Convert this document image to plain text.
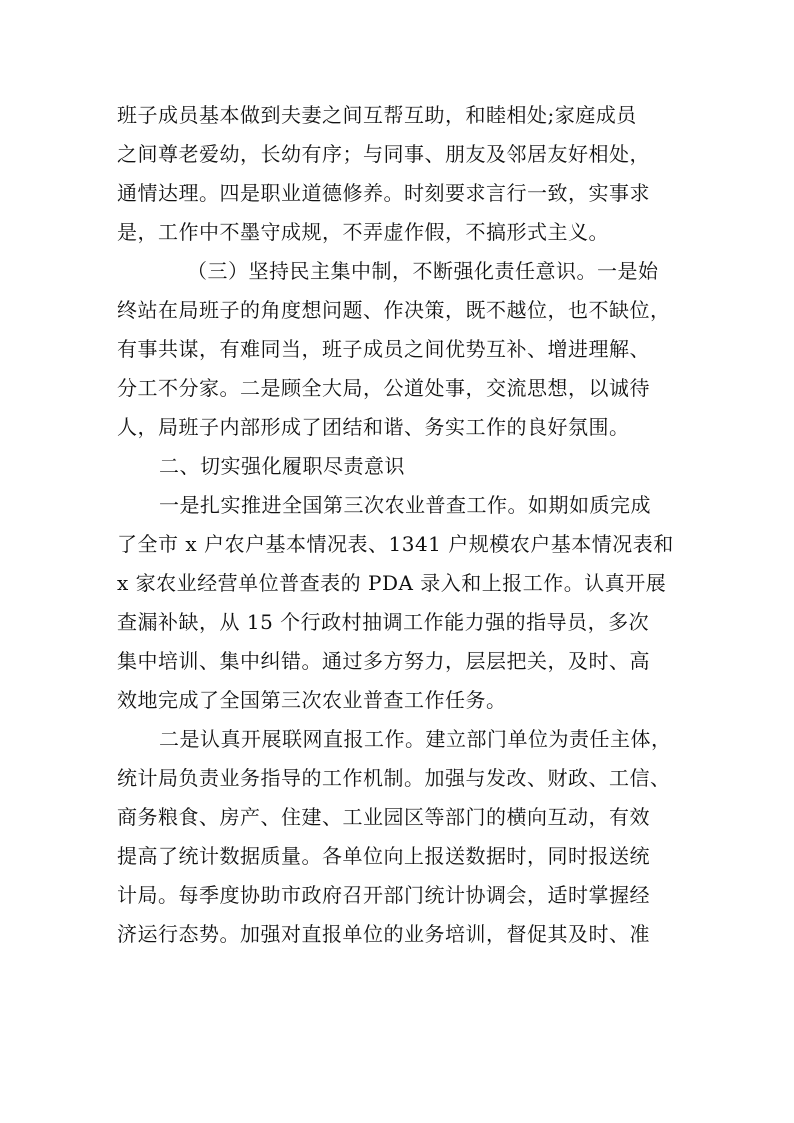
班子成员基本做到夫妻之间互帮互助，和睦相处;家庭成员
之间尊老爱幼，长幼有序；与同事、朋友及邻居友好相处，
通情达理。四是职业道德修养。时刻要求言行一致，实事求
是，工作中不墨守成规，不弄虚作假，不搞形式主义。
（三）坚持民主集中制，不断强化责任意识。一是始
终站在局班子的角度想问题、作决策，既不越位，也不缺位，
有事共谋，有难同当，班子成员之间优势互补、增进理解、
分工不分家。二是顾全大局，公道处事，交流思想，以诚待
人，局班子内部形成了团结和谐、务实工作的良好氛围。
二、切实强化履职尽责意识
一是扎实推进全国第三次农业普查工作。如期如质完成
了全市 x 户农户基本情况表、1341 户规模农户基本情况表和
x 家农业经营单位普查表的 PDA 录入和上报工作。认真开展
查漏补缺，从 15 个行政村抽调工作能力强的指导员，多次
集中培训、集中纠错。通过多方努力，层层把关，及时、高
效地完成了全国第三次农业普查工作任务。
二是认真开展联网直报工作。建立部门单位为责任主体，
统计局负责业务指导的工作机制。加强与发改、财政、工信、
商务粮食、房产、住建、工业园区等部门的横向互动，有效
提高了统计数据质量。各单位向上报送数据时，同时报送统
计局。每季度协助市政府召开部门统计协调会，适时掌握经
济运行态势。加强对直报单位的业务培训，督促其及时、准
